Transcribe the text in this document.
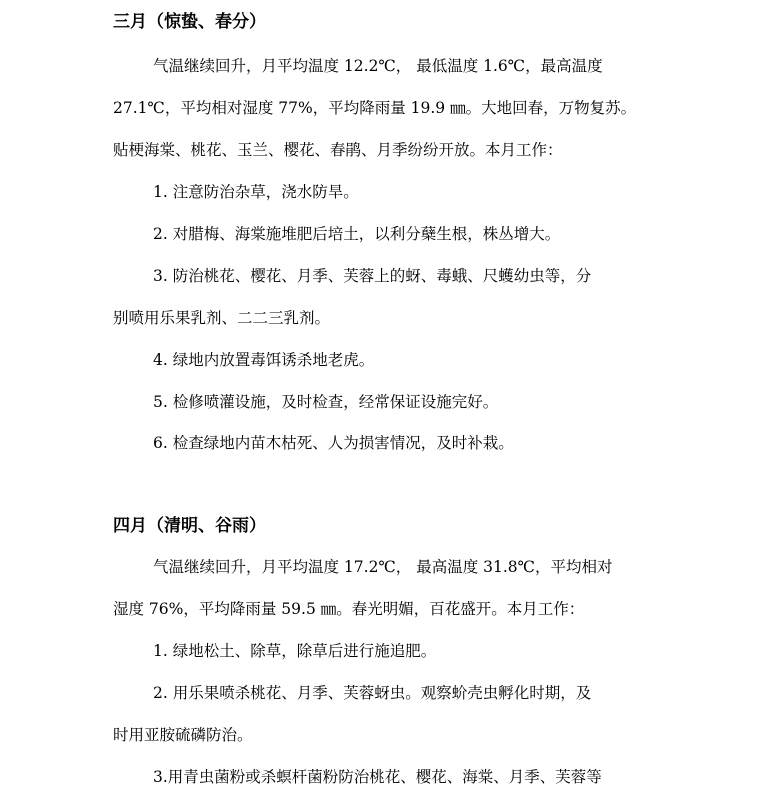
三月（惊蛰、春分）
气温继续回升，月平均温度 12.2℃， 最低温度 1.6℃，最高温度
27.1℃，平均相对湿度 77%，平均降雨量 19.9 ㎜。大地回春，万物复苏。
贴梗海棠、桃花、玉兰、樱花、春鹃、月季纷纷开放。本月工作：
1. 注意防治杂草，浇水防旱。
2. 对腊梅、海棠施堆肥后培土，以利分蘖生根，株丛增大。
3. 防治桃花、樱花、月季、芙蓉上的蚜、毒蛾、尺蠖幼虫等，分
别喷用乐果乳剂、二二三乳剂。
4. 绿地内放置毒饵诱杀地老虎。
5. 检修喷灌设施，及时检查，经常保证设施完好。
6. 检查绿地内苗木枯死、人为损害情况，及时补栽。
四月（清明、谷雨）
气温继续回升，月平均温度 17.2℃， 最高温度 31.8℃，平均相对
湿度 76%，平均降雨量 59.5 ㎜。春光明媚，百花盛开。本月工作：
1. 绿地松土、除草，除草后进行施追肥。
2. 用乐果喷杀桃花、月季、芙蓉蚜虫。观察蚧壳虫孵化时期，及
时用亚胺硫磷防治。
3.用青虫菌粉或杀螟杆菌粉防治桃花、樱花、海棠、月季、芙蓉等
